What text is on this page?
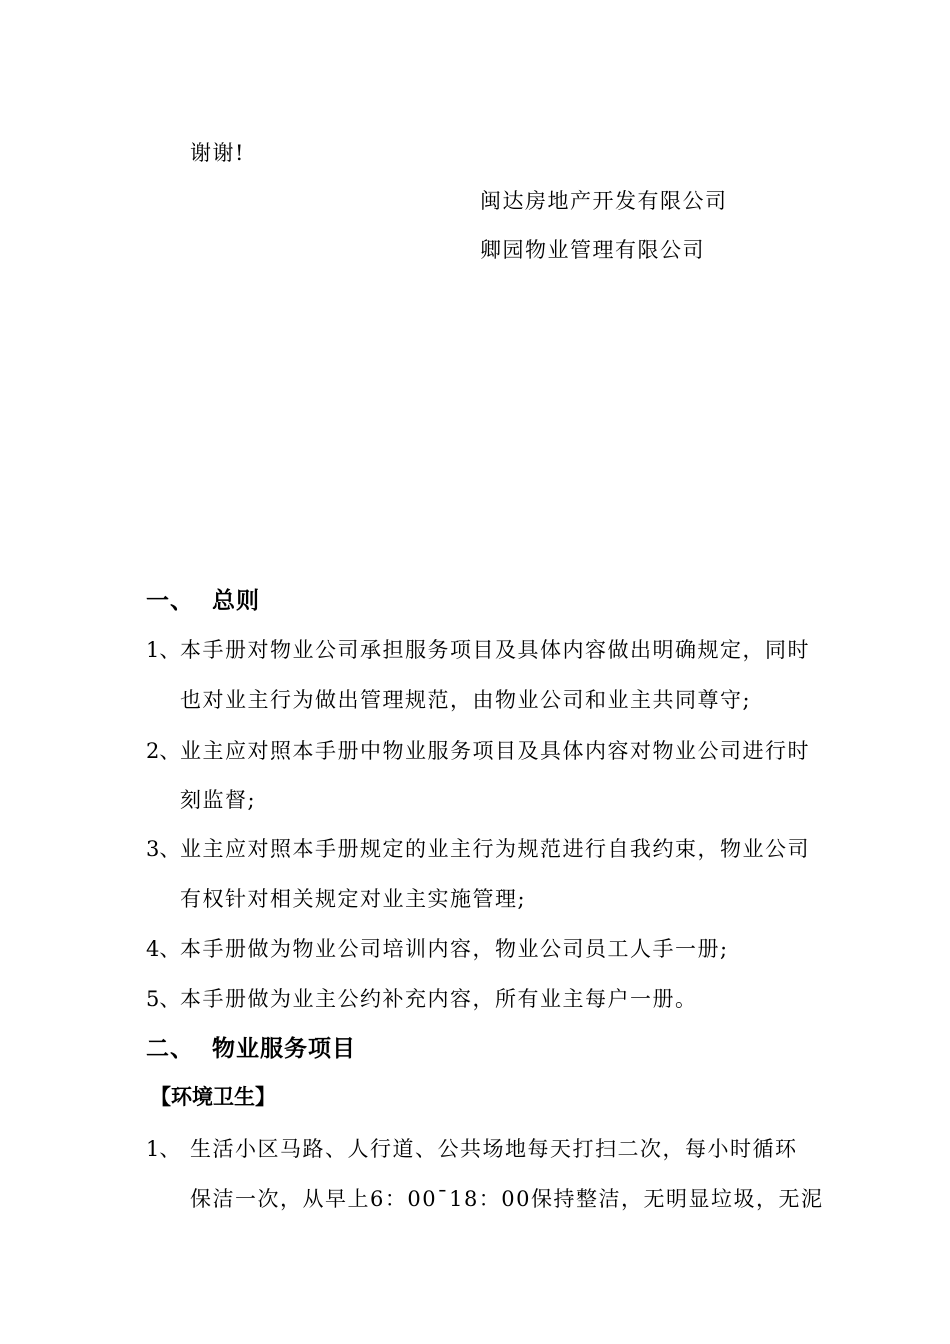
谢谢!
闽达房地产开发有限公司
卿园物业管理有限公司
一、 总则
1、 本手册对物业公司承担服务项目及具体内容做出明确规定，同时
也对业主行为做出管理规范，由物业公司和业主共同尊守;
2、 业主应对照本手册中物业服务项目及具体内容对物业公司进行时
刻监督;
3、 业主应对照本手册规定的业主行为规范进行自我约束，物业公司
有权针对相关规定对业主实施管理;
4、 本手册做为物业公司培训内容，物业公司员工人手一册;
5、 本手册做为业主公约补充内容，所有业主每户一册。
二、 物业服务项目
【环境卫生】
1、 生活小区马路、人行道、公共场地每天打扫二次，每小时循环
保洁一次，从早上6：00¯18：00保持整洁，无明显垃圾，无泥
